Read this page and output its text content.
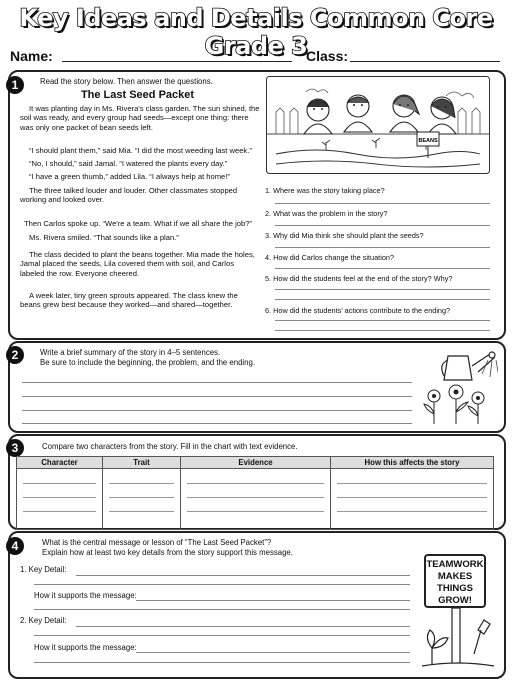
Key Ideas and Details Common Core Grade 3
Name:	Class:
1	Read the story below. Then answer the questions.
The Last Seed Packet
It was planting day in Ms. Rivera's class garden. The sun shined, the soil was ready, and every group had seeds—except one thing: there was only one packet of bean seeds left.
“I should plant them,” said Mia. “I did the most weeding last week.”
“No, I should,” said Jamal. “I watered the plants every day.”
“I have a green thumb,” added Lila. “I always help at home!”
The three talked louder and louder. Other classmates stopped working and looked over.
Then Carlos spoke up. “We're a team. What if we all share the job?”
Ms. Rivera smiled. “That sounds like a plan.”
The class decided to plant the beans together. Mia made the holes, Jamal placed the seeds, Lila covered them with soil, and Carlos labeled the row. Everyone cheered.
A week later, tiny green sprouts appeared. The class knew the beans grew best because they worked—and shared—together.
BEANS
1. Where was the story taking place?
2. What was the problem in the story?
3. Why did Mia think she should plant the seeds?
4. How did Carlos change the situation?
5. How did the students feel at the end of the story? Why?
6. How did the students’ actions contribute to the ending?
2	Write a brief summary of the story in 4–5 sentences.
Be sure to include the beginning, the problem, and the ending.
3	Compare two characters from the story. Fill in the chart with text evidence.
Character	Trait	Evidence	How this affects the story

4	What is the central message or lesson of “The Last Seed Packet”?
Explain how at least two key details from the story support this message.
1. Key Detail:
How it supports the message:
2. Key Detail:
How it supports the message:
TEAMWORK
MAKES
THINGS
GROW!
